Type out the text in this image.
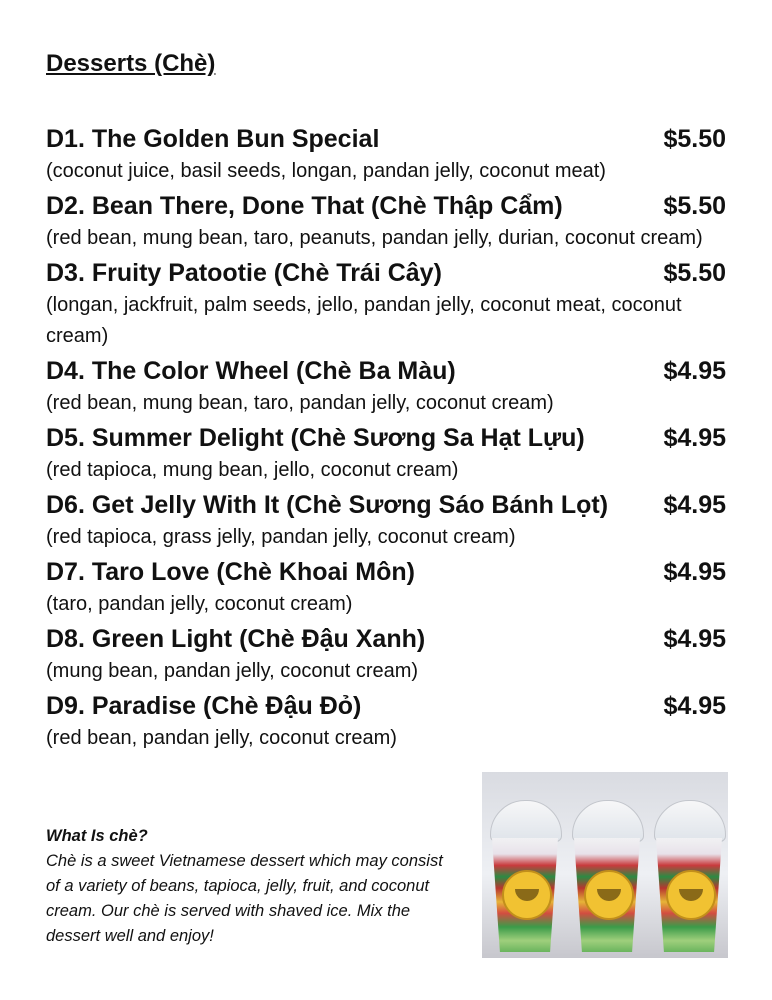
Desserts (Chè)
D1. The Golden Bun Special	$5.50
(coconut juice, basil seeds, longan, pandan jelly, coconut meat)
D2. Bean There, Done That (Chè Thập Cẩm)	$5.50
(red bean, mung bean, taro, peanuts, pandan jelly, durian, coconut cream)
D3. Fruity Patootie (Chè Trái Cây)	$5.50
(longan, jackfruit, palm seeds, jello, pandan jelly, coconut meat, coconut cream)
D4. The Color Wheel (Chè Ba Màu)	$4.95
(red bean, mung bean, taro, pandan jelly, coconut cream)
D5. Summer Delight (Chè Sương Sa Hạt Lựu)	$4.95
(red tapioca, mung bean, jello, coconut cream)
D6. Get Jelly With It (Chè Sương Sáo Bánh Lọt) $4.95
(red tapioca, grass jelly, pandan jelly, coconut cream)
D7. Taro Love (Chè Khoai Môn)	$4.95
(taro, pandan jelly, coconut cream)
D8. Green Light (Chè Đậu Xanh)	$4.95
(mung bean, pandan jelly, coconut cream)
D9. Paradise (Chè Đậu Đỏ)	$4.95
(red bean, pandan jelly, coconut cream)
What Is chè?
Chè is a sweet Vietnamese dessert which may consist of a variety of beans, tapioca, jelly, fruit, and coconut cream. Our chè is served with shaved ice. Mix the dessert well and enjoy!
